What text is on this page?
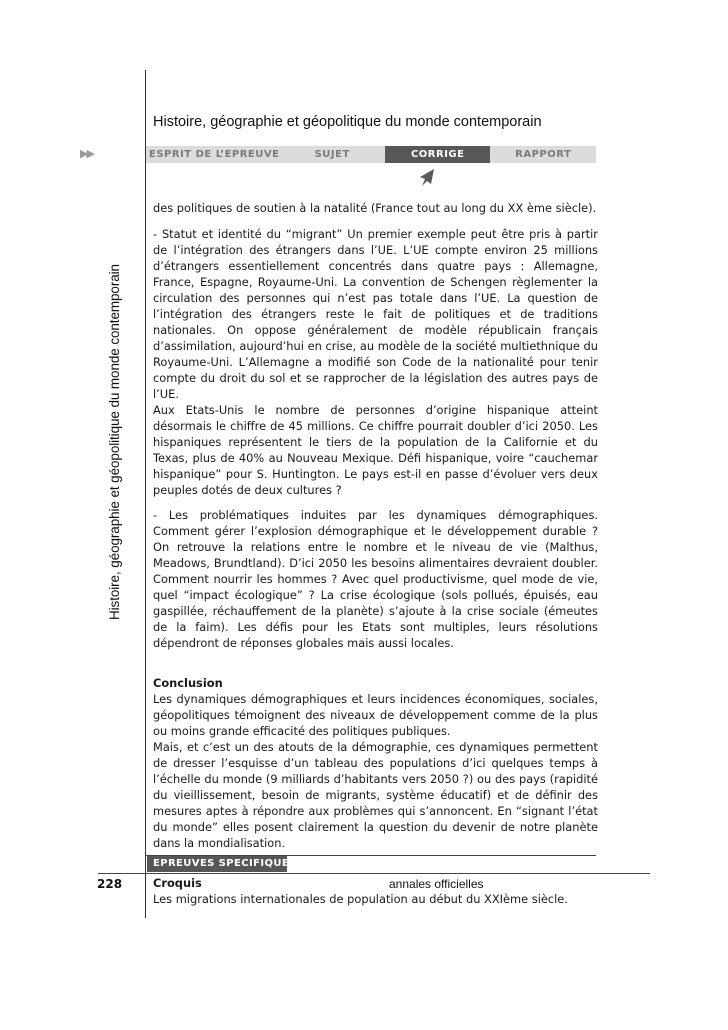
Histoire, géographie et géopolitique du monde contemporain
Histoire, géographie et géopolitique du monde contemporain
▶▶	ESPRIT DE L’EPREUVE	SUJET	CORRIGE	RAPPORT

des politiques de soutien à la natalité (France tout au long du XX ème siècle).

- Statut et identité du “migrant” Un premier exemple peut être pris à partir de l’intégration des étrangers dans l’UE. L’UE compte environ 25 millions d’étrangers essentiellement concentrés dans quatre pays : Allemagne, France, Espagne, Royaume-Uni. La convention de Schengen règlementer la circulation des personnes qui n’est pas totale dans l’UE. La question de l’intégration des étrangers reste le fait de politiques et de traditions nationales. On oppose généralement de modèle républicain français d’assimilation, aujourd’hui en crise, au modèle de la société multiethnique du Royaume-Uni. L’Allemagne a modifié son Code de la nationalité pour tenir compte du droit du sol et se rapprocher de la législation des autres pays de l’UE.

Aux Etats-Unis le nombre de personnes d’origine hispanique atteint désormais le chiffre de 45 millions. Ce chiffre pourrait doubler d’ici 2050. Les hispaniques représentent le tiers de la population de la Californie et du Texas, plus de 40% au Nouveau Mexique. Défi hispanique, voire “cauchemar hispanique” pour S. Huntington. Le pays est-il en passe d’évoluer vers deux peuples dotés de deux cultures ?

- Les problématiques induites par les dynamiques démographiques. Comment gérer l’explosion démographique et le développement durable ? On retrouve la relations entre le nombre et le niveau de vie (Malthus, Meadows, Brundtland). D’ici 2050 les besoins alimentaires devraient doubler. Comment nourrir les hommes ? Avec quel productivisme, quel mode de vie, quel “impact écologique” ? La crise écologique (sols pollués, épuisés, eau gaspillée, réchauffement de la planète) s’ajoute à la crise sociale (émeutes de la faim). Les défis pour les Etats sont multiples, leurs résolutions dépendront de réponses globales mais aussi locales.

Conclusion

Les dynamiques démographiques et leurs incidences économiques, sociales, géopolitiques témoignent des niveaux de développement comme de la plus ou moins grande efficacité des politiques publiques.

Mais, et c’est un des atouts de la démographie, ces dynamiques permettent de dresser l’esquisse d’un tableau des populations d’ici quelques temps à l’échelle du monde (9 milliards d’habitants vers 2050 ?) ou des pays (rapidité du vieillissement, besoin de migrants, système éducatif) et de définir des mesures aptes à répondre aux problèmes qui s’annoncent. En “signant l’état du monde” elles posent clairement la question du devenir de notre planète dans la mondialisation.

Croquis

Les migrations internationales de population au début du XXIème siècle.

EPREUVES SPECIFIQUES
228	annales officielles
